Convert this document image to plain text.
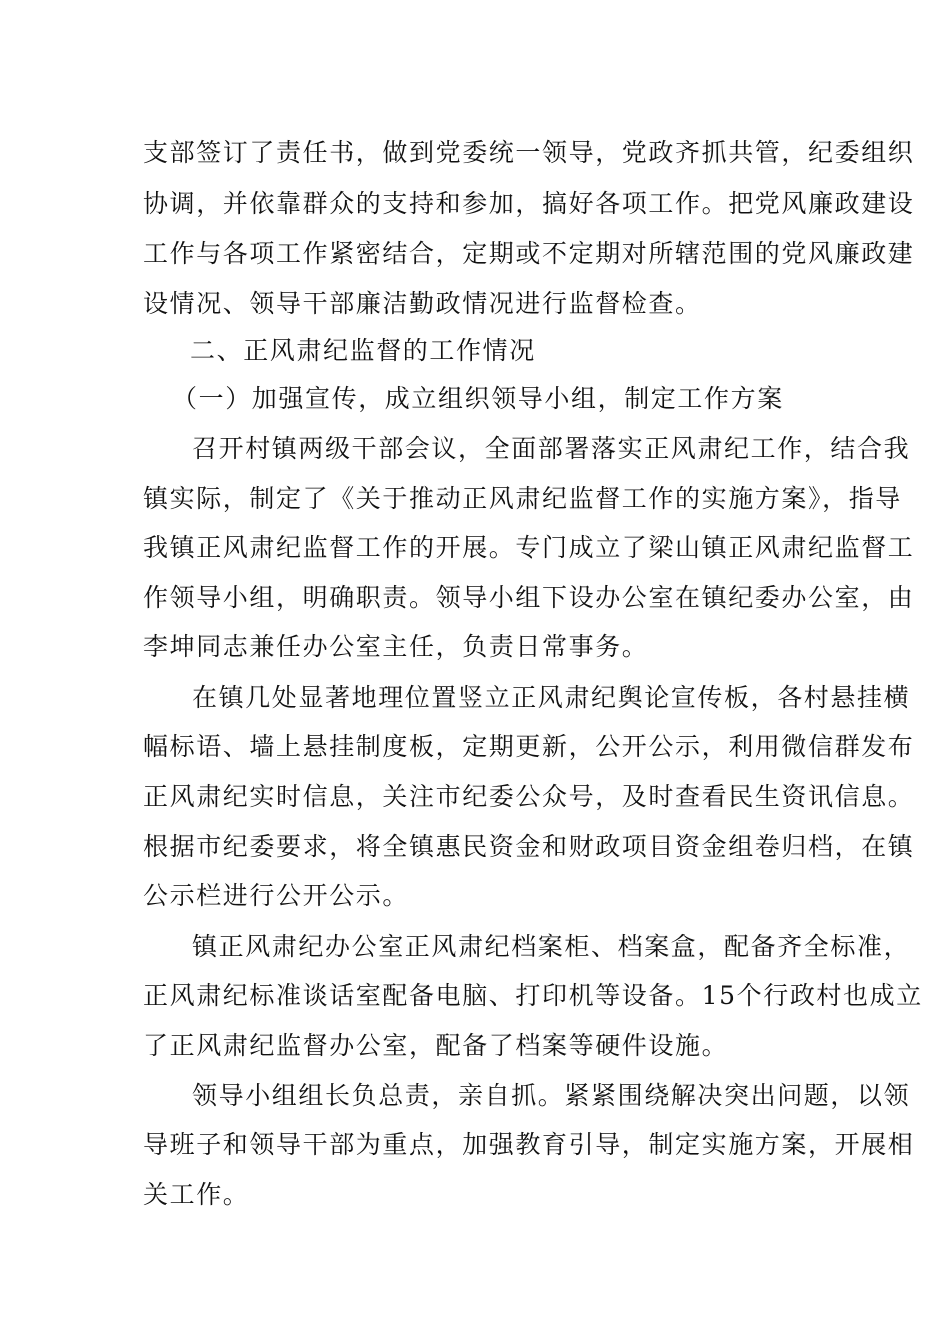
支部签订了责任书，做到党委统一领导，党政齐抓共管，纪委组织
协调，并依靠群众的支持和参加，搞好各项工作。把党风廉政建设
工作与各项工作紧密结合，定期或不定期对所辖范围的党风廉政建
设情况、领导干部廉洁勤政情况进行监督检查。
二、正风肃纪监督的工作情况
（一）加强宣传，成立组织领导小组，制定工作方案
召开村镇两级干部会议，全面部署落实正风肃纪工作，结合我
镇实际，制定了《关于推动正风肃纪监督工作的实施方案》，指导
我镇正风肃纪监督工作的开展。专门成立了梁山镇正风肃纪监督工
作领导小组，明确职责。领导小组下设办公室在镇纪委办公室，由
李坤同志兼任办公室主任，负责日常事务。
在镇几处显著地理位置竖立正风肃纪舆论宣传板，各村悬挂横
幅标语、墙上悬挂制度板，定期更新，公开公示，利用微信群发布
正风肃纪实时信息，关注市纪委公众号，及时查看民生资讯信息。
根据市纪委要求，将全镇惠民资金和财政项目资金组卷归档，在镇
公示栏进行公开公示。
镇正风肃纪办公室正风肃纪档案柜、档案盒，配备齐全标准，
正风肃纪标准谈话室配备电脑、打印机等设备。15个行政村也成立
了正风肃纪监督办公室，配备了档案等硬件设施。
领导小组组长负总责，亲自抓。紧紧围绕解决突出问题，以领
导班子和领导干部为重点，加强教育引导，制定实施方案，开展相
关工作。
